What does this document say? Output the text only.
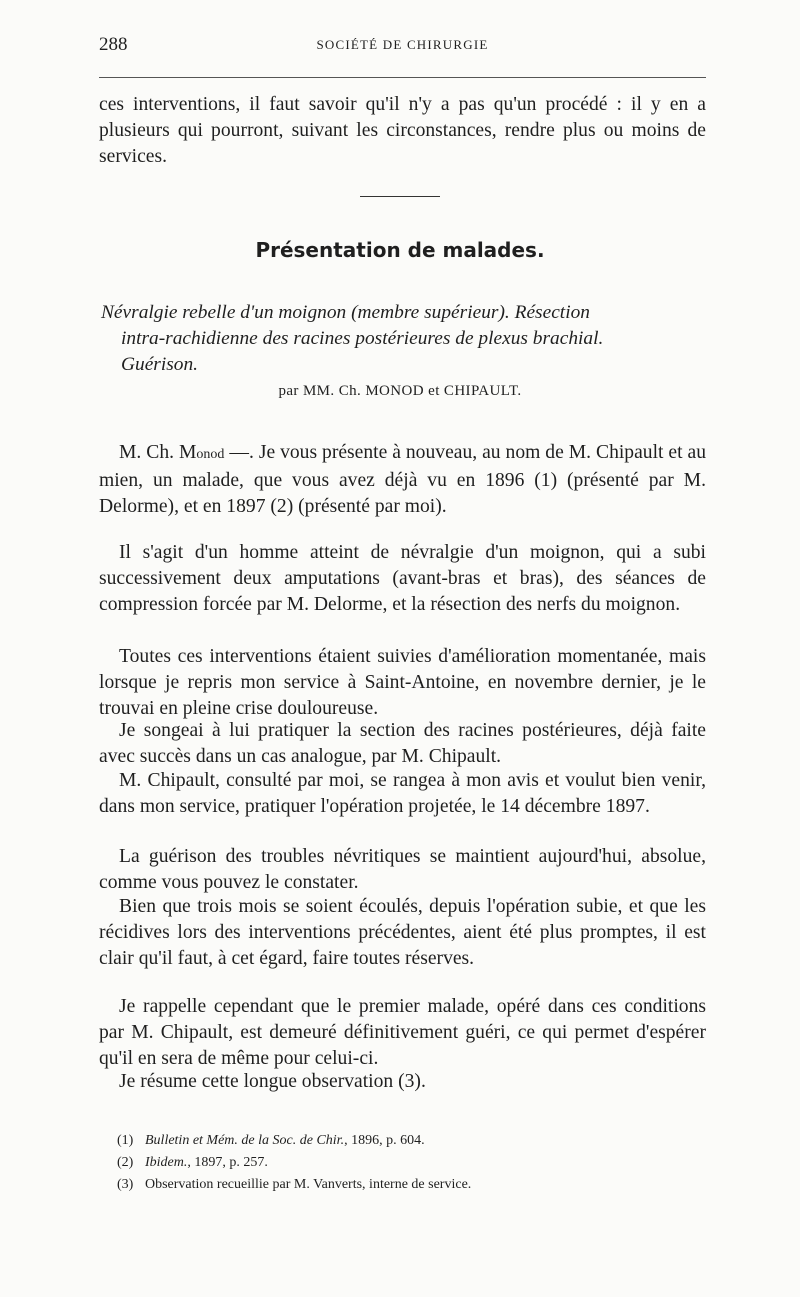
288	SOCIÉTÉ DE CHIRURGIE

ces interventions, il faut savoir qu'il n'y a pas qu'un procédé : il y en a plusieurs qui pourront, suivant les circonstances, rendre plus ou moins de services.

Présentation de malades.

Névralgie rebelle d'un moignon (membre supérieur). Résection
intra-rachidienne des racines postérieures de plexus brachial.
Guérison.

par MM. Ch. MONOD et CHIPAULT.

M. Ch. Monod —. Je vous présente à nouveau, au nom de M. Chipault et au mien, un malade, que vous avez déjà vu en 1896 (1) (présenté par M. Delorme), et en 1897 (2) (présenté par moi).

Il s'agit d'un homme atteint de névralgie d'un moignon, qui a subi successivement deux amputations (avant-bras et bras), des séances de compression forcée par M. Delorme, et la résection des nerfs du moignon.

Toutes ces interventions étaient suivies d'amélioration momentanée, mais lorsque je repris mon service à Saint-Antoine, en novembre dernier, je le trouvai en pleine crise douloureuse.

Je songeai à lui pratiquer la section des racines postérieures, déjà faite avec succès dans un cas analogue, par M. Chipault.

M. Chipault, consulté par moi, se rangea à mon avis et voulut bien venir, dans mon service, pratiquer l'opération projetée, le 14 décembre 1897.

La guérison des troubles névritiques se maintient aujourd'hui, absolue, comme vous pouvez le constater.

Bien que trois mois se soient écoulés, depuis l'opération subie, et que les récidives lors des interventions précédentes, aient été plus promptes, il est clair qu'il faut, à cet égard, faire toutes réserves.

Je rappelle cependant que le premier malade, opéré dans ces conditions par M. Chipault, est demeuré définitivement guéri, ce qui permet d'espérer qu'il en sera de même pour celui-ci.

Je résume cette longue observation (3).

(1) Bulletin et Mém. de la Soc. de Chir., 1896, p. 604.
(2) Ibidem., 1897, p. 257.
(3) Observation recueillie par M. Vanverts, interne de service.
